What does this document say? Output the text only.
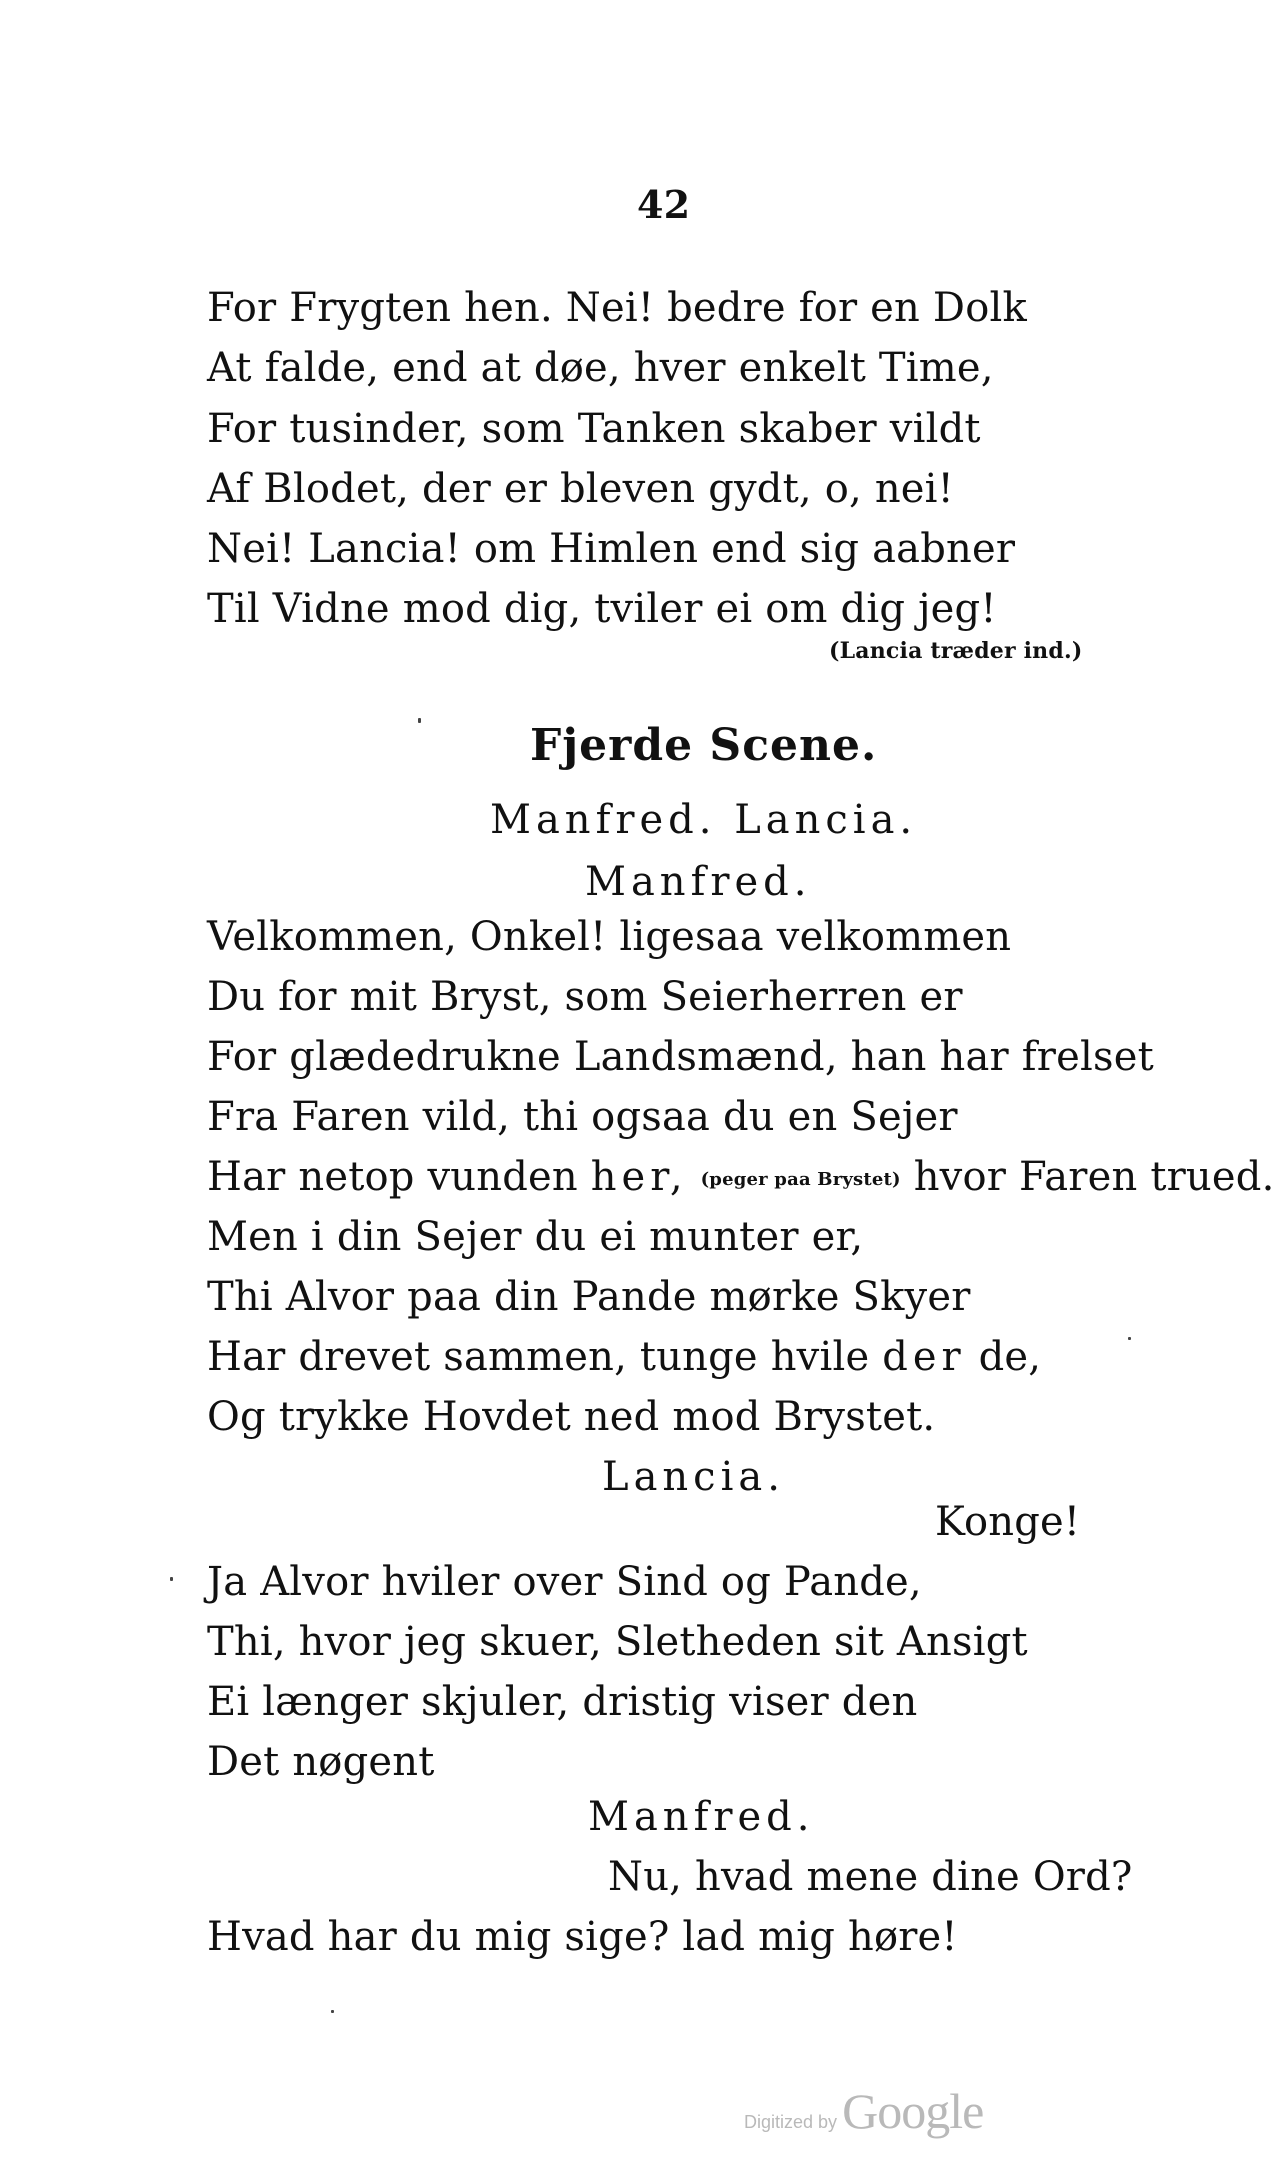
42
For Frygten hen. Nei! bedre for en Dolk
At falde, end at døe, hver enkelt Time,
For tusinder, som Tanken skaber vildt
Af Blodet, der er bleven gydt, o, nei!
Nei! Lancia! om Himlen end sig aabner
Til Vidne mod dig, tviler ei om dig jeg!
(Lancia træder ind.)
Fjerde Scene.
Manfred. Lancia.
Manfred.
Velkommen, Onkel! ligesaa velkommen
Du for mit Bryst, som Seierherren er
For glædedrukne Landsmænd, han har frelset
Fra Faren vild, thi ogsaa du en Sejer
Har netop vunden her, (peger paa Brystet) hvor Faren trued.
Men i din Sejer du ei munter er,
Thi Alvor paa din Pande mørke Skyer
Har drevet sammen, tunge hvile der de,
Og trykke Hovdet ned mod Brystet.
Lancia.
Konge!
Ja Alvor hviler over Sind og Pande,
Thi, hvor jeg skuer, Sletheden sit Ansigt
Ei længer skjuler, dristig viser den
Det nøgent
Manfred.
Nu, hvad mene dine Ord?
Hvad har du mig sige? lad mig høre!
Digitized by Google
